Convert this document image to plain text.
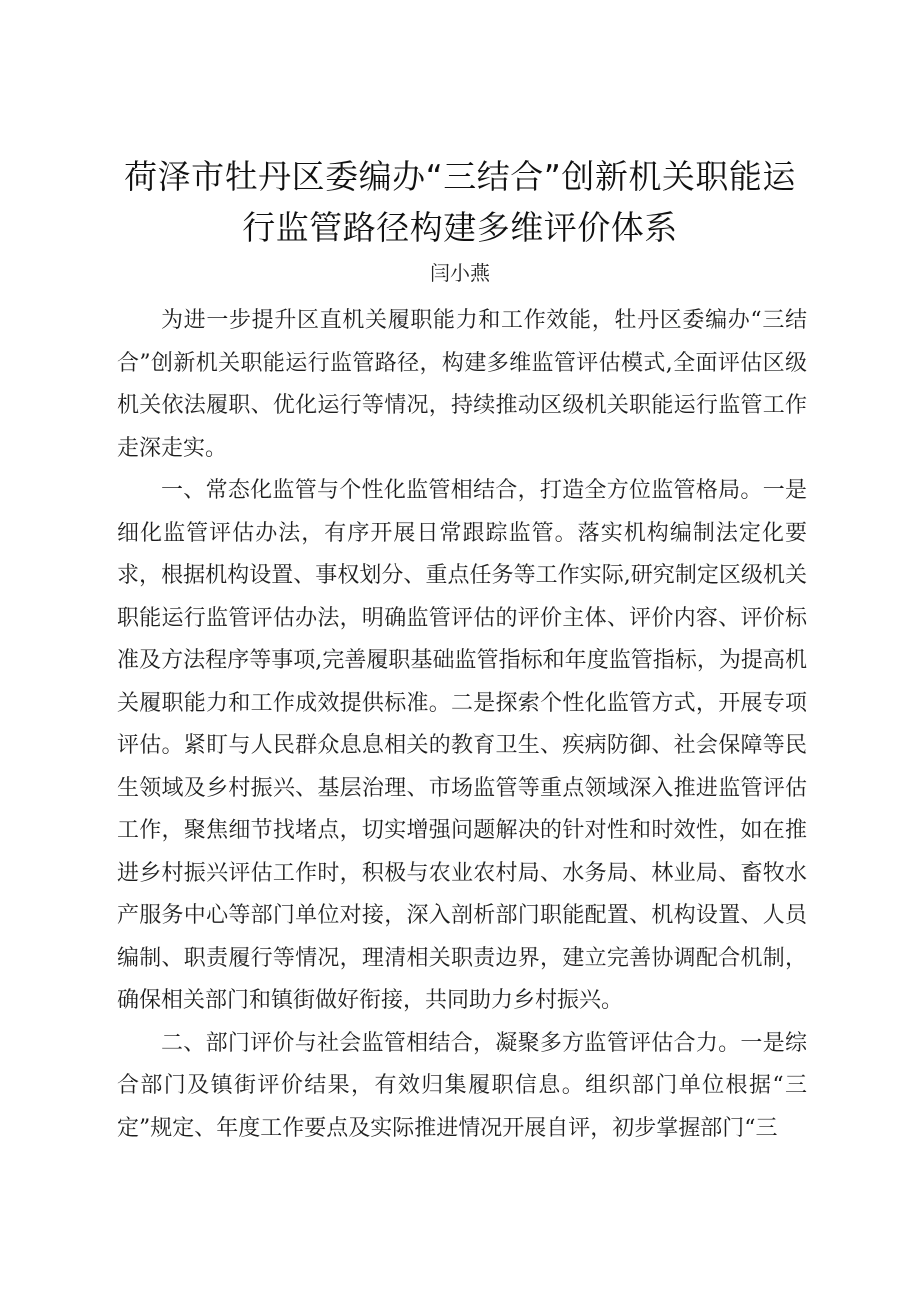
荷泽市牡丹区委编办“三结合”创新机关职能运
行监管路径构建多维评价体系
闫小燕

为进一步提升区直机关履职能力和工作效能，牡丹区委编办“三结合”创新机关职能运行监管路径，构建多维监管评估模式,全面评估区级机关依法履职、优化运行等情况，持续推动区级机关职能运行监管工作走深走实。

一、常态化监管与个性化监管相结合，打造全方位监管格局。一是细化监管评估办法，有序开展日常跟踪监管。落实机构编制法定化要求，根据机构设置、事权划分、重点任务等工作实际,研究制定区级机关职能运行监管评估办法，明确监管评估的评价主体、评价内容、评价标准及方法程序等事项,完善履职基础监管指标和年度监管指标，为提高机关履职能力和工作成效提供标准。二是探索个性化监管方式，开展专项评估。紧盯与人民群众息息相关的教育卫生、疾病防御、社会保障等民生领域及乡村振兴、基层治理、市场监管等重点领域深入推进监管评估工作，聚焦细节找堵点，切实增强问题解决的针对性和时效性，如在推进乡村振兴评估工作时，积极与农业农村局、水务局、林业局、畜牧水产服务中心等部门单位对接，深入剖析部门职能配置、机构设置、人员编制、职责履行等情况，理清相关职责边界，建立完善协调配合机制，确保相关部门和镇街做好衔接，共同助力乡村振兴。

二、部门评价与社会监管相结合，凝聚多方监管评估合力。一是综合部门及镇街评价结果，有效归集履职信息。组织部门单位根据“三定”规定、年度工作要点及实际推进情况开展自评，初步掌握部门“三
